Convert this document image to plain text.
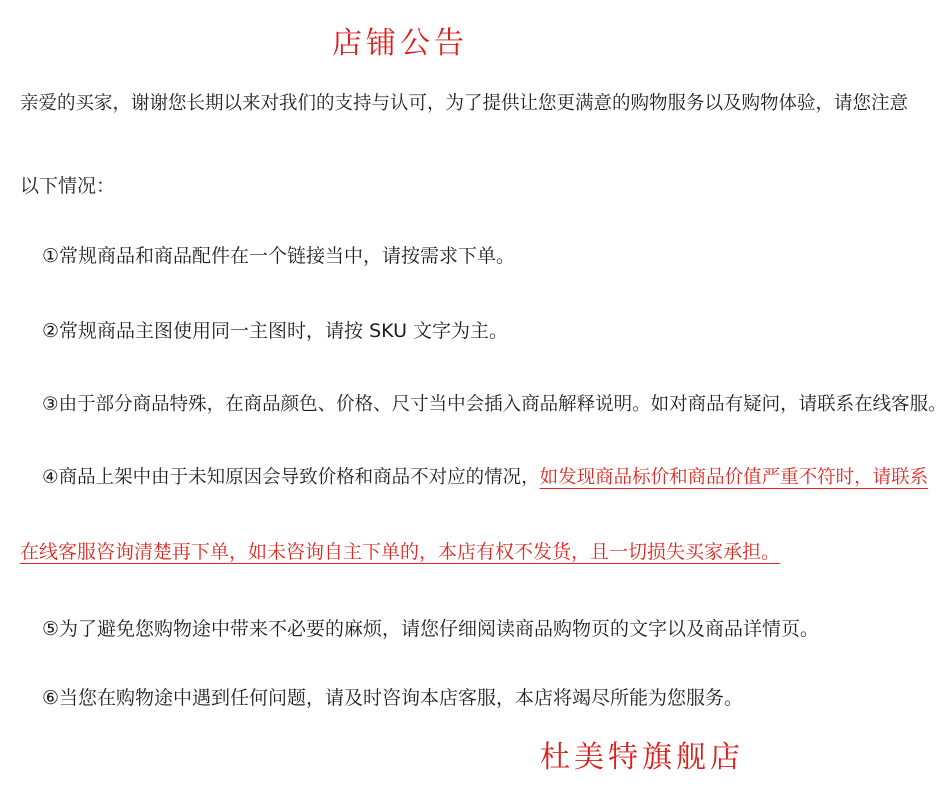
店铺公告
亲爱的买家，谢谢您长期以来对我们的支持与认可，为了提供让您更满意的购物服务以及购物体验，请您注意
以下情况：
①常规商品和商品配件在一个链接当中，请按需求下单。
②常规商品主图使用同一主图时，请按 SKU 文字为主。
③由于部分商品特殊，在商品颜色、价格、尺寸当中会插入商品解释说明。如对商品有疑问，请联系在线客服。
④商品上架中由于未知原因会导致价格和商品不对应的情况，如发现商品标价和商品价值严重不符时，请联系
在线客服咨询清楚再下单，如未咨询自主下单的，本店有权不发货，且一切损失买家承担。
⑤为了避免您购物途中带来不必要的麻烦，请您仔细阅读商品购物页的文字以及商品详情页。
⑥当您在购物途中遇到任何问题，请及时咨询本店客服，本店将竭尽所能为您服务。
杜美特旗舰店
